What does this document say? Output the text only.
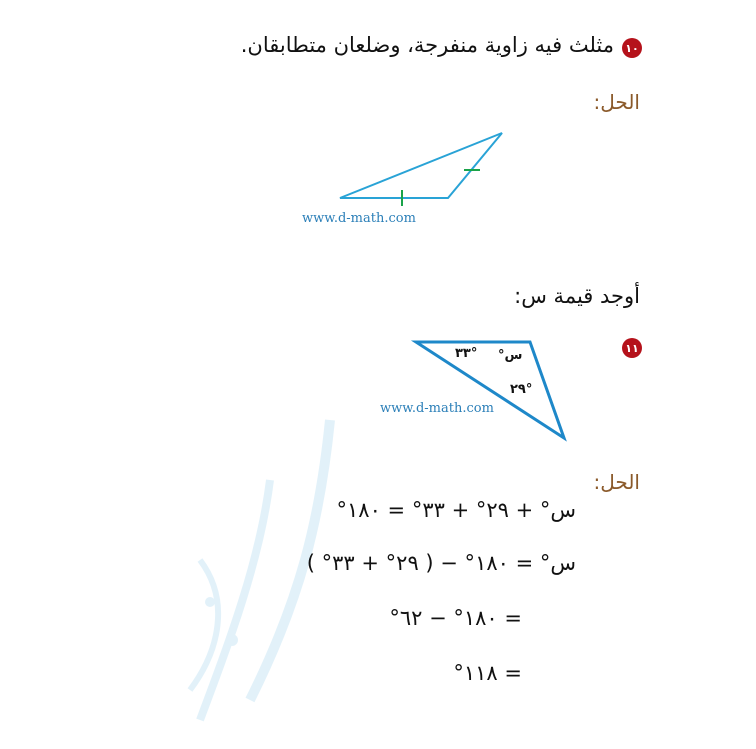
١٠
مثلث فيه زاوية منفرجة، وضلعان متطابقان.
الحل:
www.d-math.com
أوجد قيمة س:
١١
س°
°٣٣
°٢٩
www.d-math.com
الحل:
س° + ٢٩° + ٣٣° = ١٨٠°
س° = ١٨٠° − ( ٢٩° + ٣٣° )
= ١٨٠° − ٦٢°
= ١١٨°
